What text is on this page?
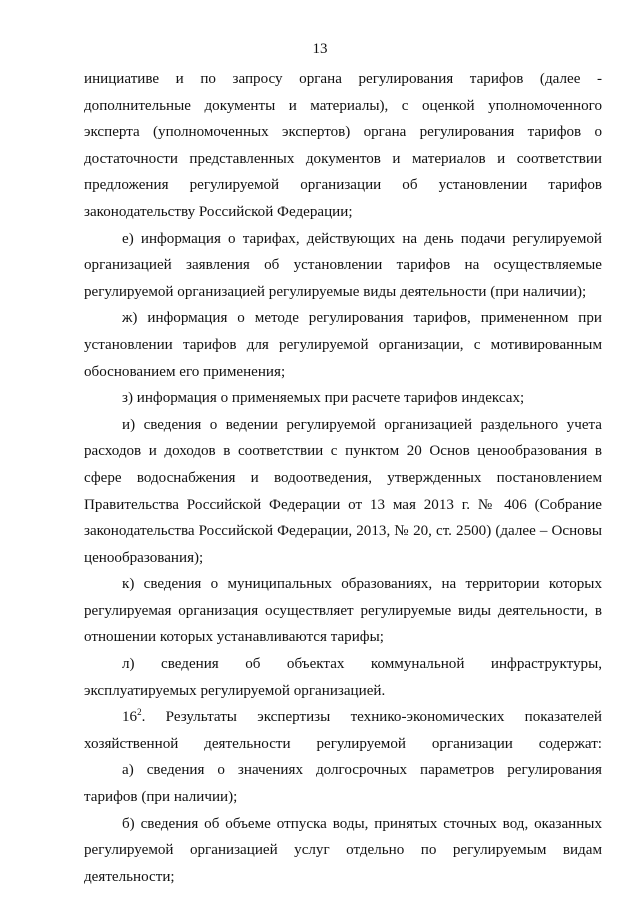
13

инициативе и по запросу органа регулирования тарифов (далее - дополнительные документы и материалы), с оценкой уполномоченного эксперта (уполномоченных экспертов) органа регулирования тарифов о достаточности представленных документов и материалов и соответствии предложения регулируемой организации об установлении тарифов законодательству Российской Федерации;

е) информация о тарифах, действующих на день подачи регулируемой организацией заявления об установлении тарифов на осуществляемые регулируемой организацией регулируемые виды деятельности (при наличии);

ж) информация о методе регулирования тарифов, примененном при установлении тарифов для регулируемой организации, с мотивированным обоснованием его применения;

з) информация о применяемых при расчете тарифов индексах;

и) сведения о ведении регулируемой организацией раздельного учета расходов и доходов в соответствии с пунктом 20 Основ ценообразования в сфере водоснабжения и водоотведения, утвержденных постановлением Правительства Российской Федерации от 13 мая 2013 г. № 406 (Собрание законодательства Российской Федерации, 2013, № 20, ст. 2500) (далее – Основы ценообразования);

к) сведения о муниципальных образованиях, на территории которых регулируемая организация осуществляет регулируемые виды деятельности, в отношении которых устанавливаются тарифы;

л) сведения об объектах коммунальной инфраструктуры, эксплуатируемых регулируемой организацией.

$16^2$. Результаты экспертизы технико-экономических показателей хозяйственной деятельности регулируемой организации содержат:

а) сведения о значениях долгосрочных параметров регулирования тарифов (при наличии);

б) сведения об объеме отпуска воды, принятых сточных вод, оказанных регулируемой организацией услуг отдельно по регулируемым видам деятельности;
